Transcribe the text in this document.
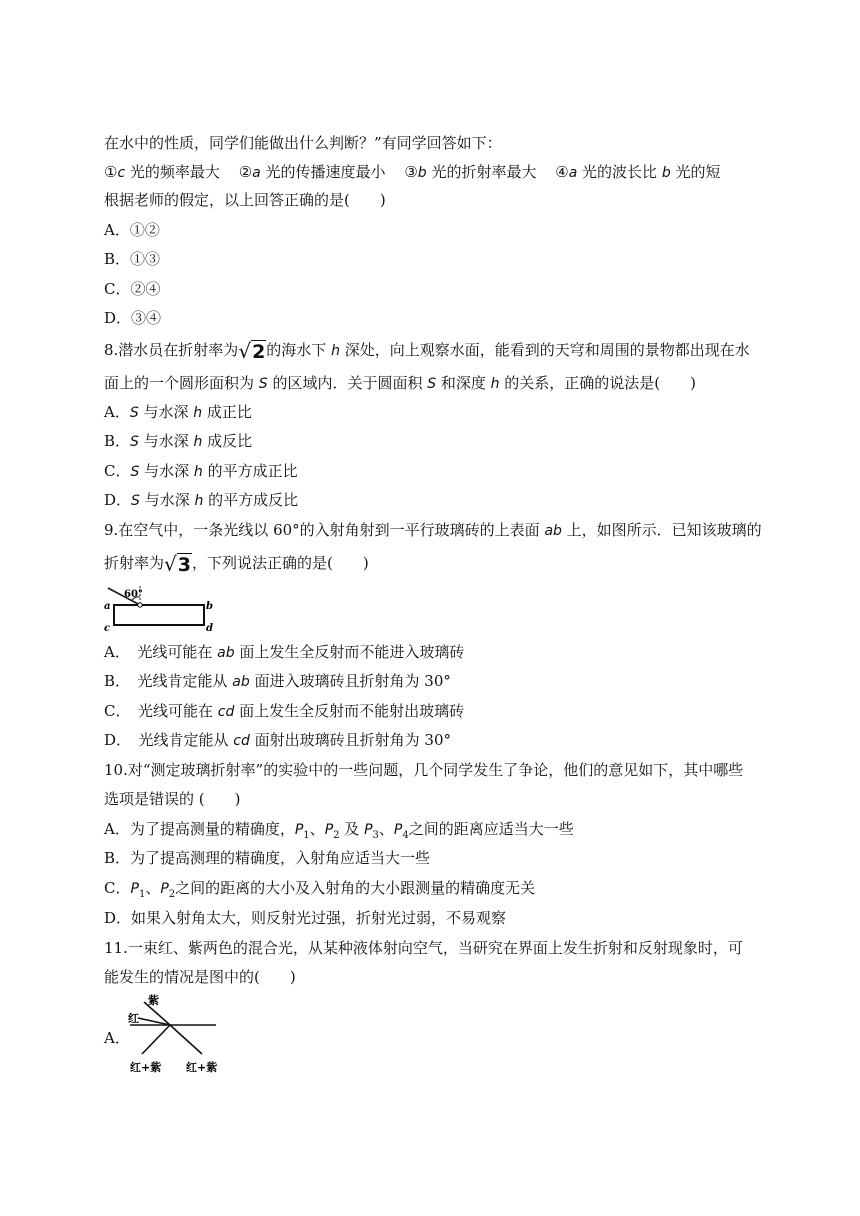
在水中的性质，同学们能做出什么判断？”有同学回答如下：
①c 光的频率最大 ②a 光的传播速度最小 ③b 光的折射率最大 ④a 光的波长比 b 光的短
根据老师的假定，以上回答正确的是(　　)
A．①②
B．①③
C．②④
D．③④
8.潜水员在折射率为√2的海水下 h 深处，向上观察水面，能看到的天穹和周围的景物都出现在水
面上的一个圆形面积为 S 的区域内．关于圆面积 S 和深度 h 的关系，正确的说法是(　　)
A．S 与水深 h 成正比
B．S 与水深 h 成反比
C．S 与水深 h 的平方成正比
D．S 与水深 h 的平方成反比
9.在空气中，一条光线以 60°的入射角射到一平行玻璃砖的上表面 ab 上，如图所示．已知该玻璃的
折射率为√3，下列说法正确的是(　　)
60°
a	b
c	d
A．　光线可能在 ab 面上发生全反射而不能进入玻璃砖
B．　光线肯定能从 ab 面进入玻璃砖且折射角为 30°
C．　光线可能在 cd 面上发生全反射而不能射出玻璃砖
D．　光线肯定能从 cd 面射出玻璃砖且折射角为 30°
10.对“测定玻璃折射率”的实验中的一些问题，几个同学发生了争论，他们的意见如下，其中哪些
选项是错误的 (　　)
A．为了提高测量的精确度，$P_1$、$P_2$ 及 $P_3$、$P_4$之间的距离应适当大一些
B．为了提高测理的精确度，入射角应适当大一些
C．$P_1$、$P_2$之间的距离的大小及入射角的大小跟测量的精确度无关
D．如果入射角太大，则反射光过强，折射光过弱，不易观察
11.一束红、紫两色的混合光，从某种液体射向空气，当研究在界面上发生折射和反射现象时，可
能发生的情况是图中的(　　)
A．
紫
红
红+紫 红+紫
